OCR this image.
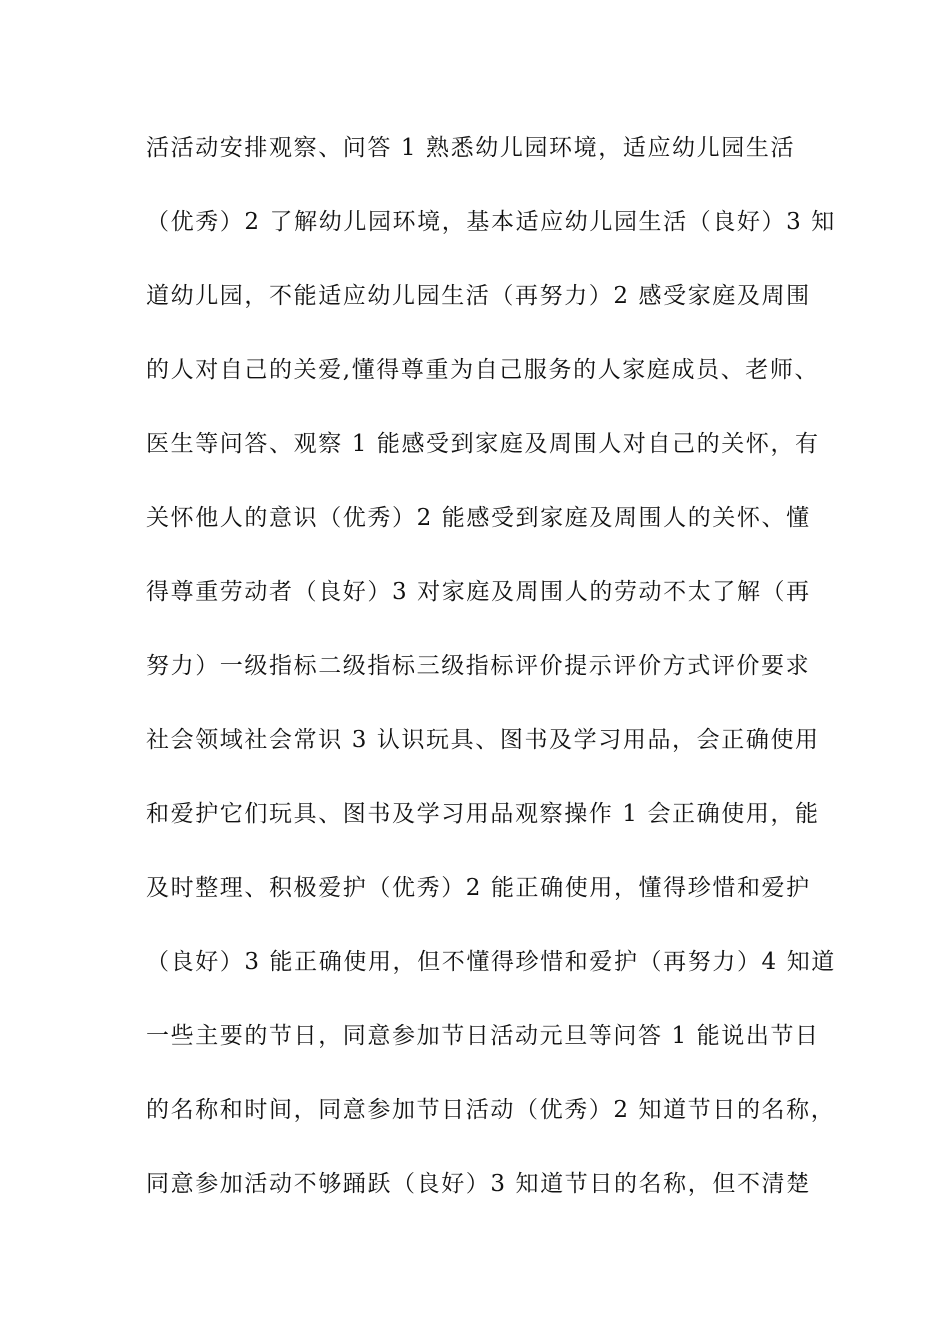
活活动安排观察、问答 1 熟悉幼儿园环境，适应幼儿园生活
（优秀）2 了解幼儿园环境，基本适应幼儿园生活（良好）3 知
道幼儿园，不能适应幼儿园生活（再努力）2 感受家庭及周围
的人对自己的关爱,懂得尊重为自己服务的人家庭成员、老师、
医生等问答、观察 1 能感受到家庭及周围人对自己的关怀，有
关怀他人的意识（优秀）2 能感受到家庭及周围人的关怀、懂
得尊重劳动者（良好）3 对家庭及周围人的劳动不太了解（再
努力）一级指标二级指标三级指标评价提示评价方式评价要求
社会领域社会常识 3 认识玩具、图书及学习用品，会正确使用
和爱护它们玩具、图书及学习用品观察操作 1 会正确使用，能
及时整理、积极爱护（优秀）2 能正确使用，懂得珍惜和爱护
（良好）3 能正确使用，但不懂得珍惜和爱护（再努力）4 知道
一些主要的节日，同意参加节日活动元旦等问答 1 能说出节日
的名称和时间，同意参加节日活动（优秀）2 知道节日的名称，
同意参加活动不够踊跃（良好）3 知道节日的名称，但不清楚
